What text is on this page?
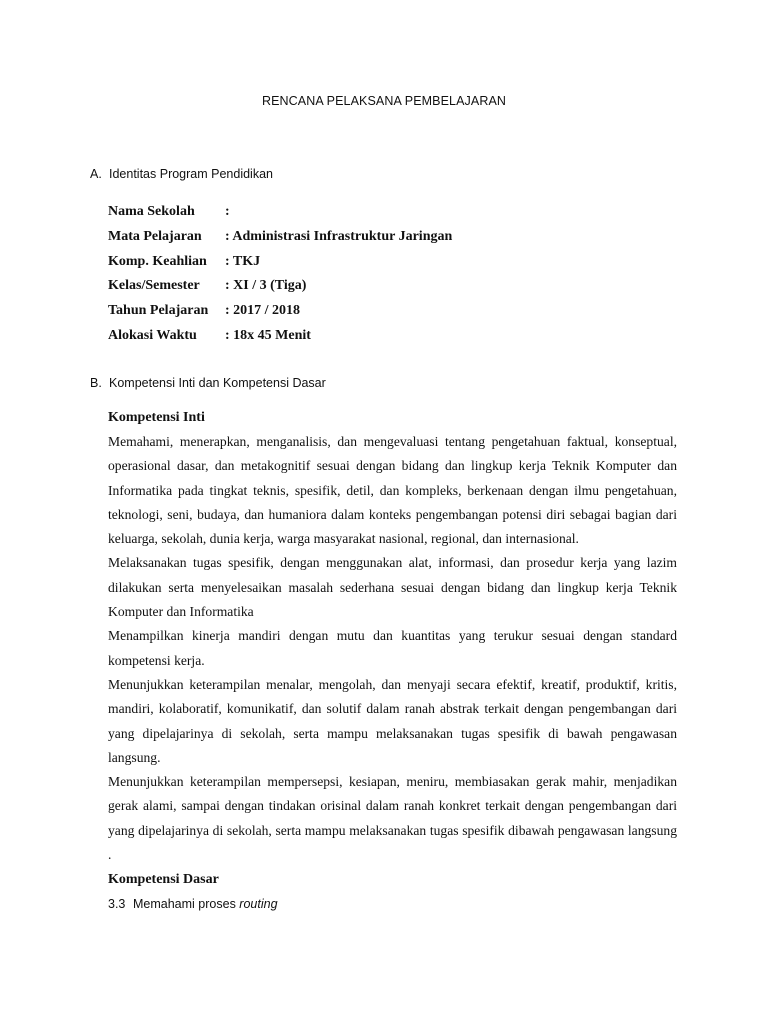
RENCANA PELAKSANA PEMBELAJARAN
A. Identitas Program Pendidikan
Nama Sekolah :
Mata Pelajaran : Administrasi Infrastruktur Jaringan
Komp. Keahlian : TKJ
Kelas/Semester : XI / 3 (Tiga)
Tahun Pelajaran : 2017 / 2018
Alokasi Waktu : 18x 45 Menit
B. Kompetensi Inti dan Kompetensi Dasar
Kompetensi Inti

Memahami, menerapkan, menganalisis, dan mengevaluasi tentang pengetahuan faktual, konseptual, operasional dasar, dan metakognitif sesuai dengan bidang dan lingkup kerja Teknik Komputer dan Informatika pada tingkat teknis, spesifik, detil, dan kompleks, berkenaan dengan ilmu pengetahuan, teknologi, seni, budaya, dan humaniora dalam konteks pengembangan potensi diri sebagai bagian dari keluarga, sekolah, dunia kerja, warga masyarakat nasional, regional, dan internasional.

Melaksanakan tugas spesifik, dengan menggunakan alat, informasi, dan prosedur kerja yang lazim dilakukan serta menyelesaikan masalah sederhana sesuai dengan bidang dan lingkup kerja Teknik Komputer dan Informatika

Menampilkan kinerja mandiri dengan mutu dan kuantitas yang terukur sesuai dengan standard kompetensi kerja.

Menunjukkan keterampilan menalar, mengolah, dan menyaji secara efektif, kreatif, produktif, kritis, mandiri, kolaboratif, komunikatif, dan solutif dalam ranah abstrak terkait dengan pengembangan dari yang dipelajarinya di sekolah, serta mampu melaksanakan tugas spesifik di bawah pengawasan langsung.

Menunjukkan keterampilan mempersepsi, kesiapan, meniru, membiasakan gerak mahir, menjadikan gerak alami, sampai dengan tindakan orisinal dalam ranah konkret terkait dengan pengembangan dari yang dipelajarinya di sekolah, serta mampu melaksanakan tugas spesifik dibawah pengawasan langsung .

Kompetensi Dasar
3.3 Memahami proses routing
